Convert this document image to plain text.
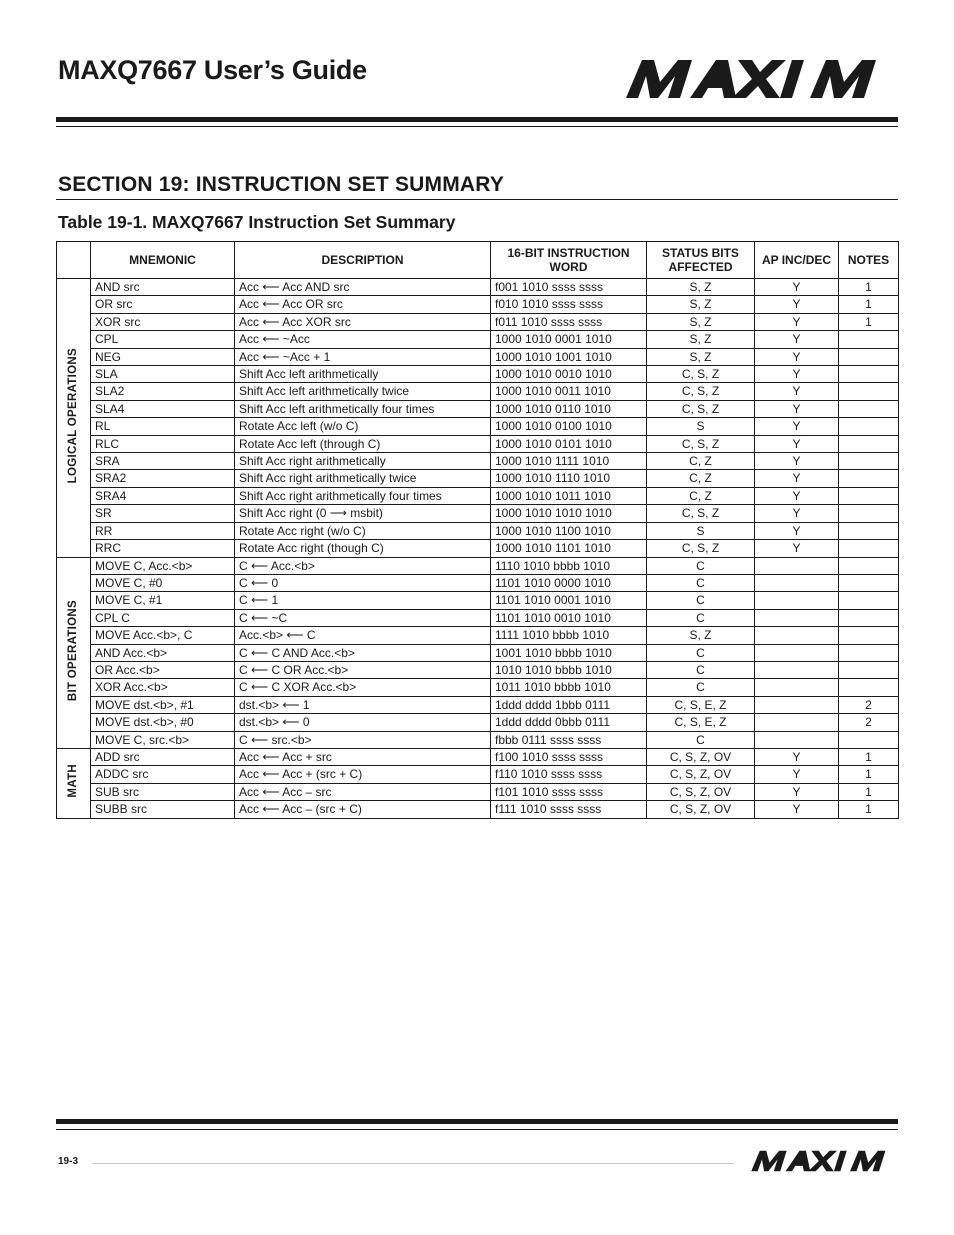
MAXQ7667 User’s Guide
SECTION 19: INSTRUCTION SET SUMMARY
Table 19-1. MAXQ7667 Instruction Set Summary
	MNEMONIC	DESCRIPTION	16-BIT INSTRUCTION WORD	STATUS BITS AFFECTED	AP INC/DEC	NOTES
LOGICAL OPERATIONS	AND src	Acc ⟵ Acc AND src	f001 1010 ssss ssss	S, Z	Y	1
	OR src	Acc ⟵ Acc OR src	f010 1010 ssss ssss	S, Z	Y	1
	XOR src	Acc ⟵ Acc XOR src	f011 1010 ssss ssss	S, Z	Y	1
	CPL	Acc ⟵ ~Acc	1000 1010 0001 1010	S, Z	Y	
	NEG	Acc ⟵ ~Acc + 1	1000 1010 1001 1010	S, Z	Y	
	SLA	Shift Acc left arithmetically	1000 1010 0010 1010	C, S, Z	Y	
	SLA2	Shift Acc left arithmetically twice	1000 1010 0011 1010	C, S, Z	Y	
	SLA4	Shift Acc left arithmetically four times	1000 1010 0110 1010	C, S, Z	Y	
	RL	Rotate Acc left (w/o C)	1000 1010 0100 1010	S	Y	
	RLC	Rotate Acc left (through C)	1000 1010 0101 1010	C, S, Z	Y	
	SRA	Shift Acc right arithmetically	1000 1010 1111 1010	C, Z	Y	
	SRA2	Shift Acc right arithmetically twice	1000 1010 1110 1010	C, Z	Y	
	SRA4	Shift Acc right arithmetically four times	1000 1010 1011 1010	C, Z	Y	
	SR	Shift Acc right (0 ⟶ msbit)	1000 1010 1010 1010	C, S, Z	Y	
	RR	Rotate Acc right (w/o C)	1000 1010 1100 1010	S	Y	
	RRC	Rotate Acc right (though C)	1000 1010 1101 1010	C, S, Z	Y	
BIT OPERATIONS	MOVE C, Acc.<b>	C ⟵ Acc.<b>	1110 1010 bbbb 1010	C		
	MOVE C, #0	C ⟵ 0	1101 1010 0000 1010	C		
	MOVE C, #1	C ⟵ 1	1101 1010 0001 1010	C		
	CPL C	C ⟵ ~C	1101 1010 0010 1010	C		
	MOVE Acc.<b>, C	Acc.<b> ⟵ C	1111 1010 bbbb 1010	S, Z		
	AND Acc.<b>	C ⟵ C AND Acc.<b>	1001 1010 bbbb 1010	C		
	OR Acc.<b>	C ⟵ C OR Acc.<b>	1010 1010 bbbb 1010	C		
	XOR Acc.<b>	C ⟵ C XOR Acc.<b>	1011 1010 bbbb 1010	C		
	MOVE dst.<b>, #1	dst.<b> ⟵ 1	1ddd dddd 1bbb 0111	C, S, E, Z		2
	MOVE dst.<b>, #0	dst.<b> ⟵ 0	1ddd dddd 0bbb 0111	C, S, E, Z		2
	MOVE C, src.<b>	C ⟵ src.<b>	fbbb 0111 ssss ssss	C		
MATH	ADD src	Acc ⟵ Acc + src	f100 1010 ssss ssss	C, S, Z, OV	Y	1
	ADDC src	Acc ⟵ Acc + (src + C)	f110 1010 ssss ssss	C, S, Z, OV	Y	1
	SUB src	Acc ⟵ Acc – src	f101 1010 ssss ssss	C, S, Z, OV	Y	1
	SUBB src	Acc ⟵ Acc – (src + C)	f111 1010 ssss ssss	C, S, Z, OV	Y	1
19-3
